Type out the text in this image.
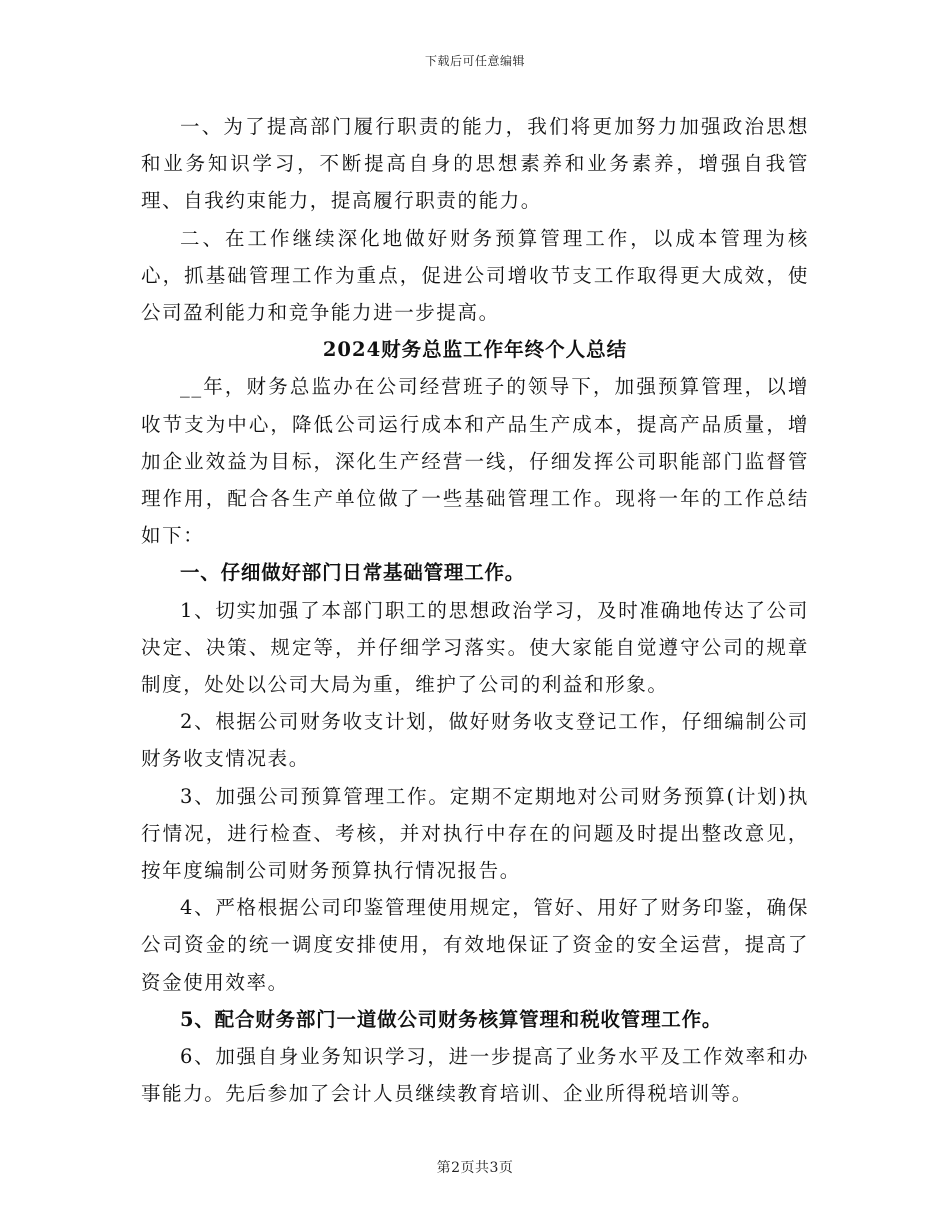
下载后可任意编辑

一、为了提高部门履行职责的能力，我们将更加努力加强政治思想和业务知识学习，不断提高自身的思想素养和业务素养，增强自我管理、自我约束能力，提高履行职责的能力。

二、在工作继续深化地做好财务预算管理工作，以成本管理为核心，抓基础管理工作为重点，促进公司增收节支工作取得更大成效，使公司盈利能力和竞争能力进一步提高。

2024财务总监工作年终个人总结

__年，财务总监办在公司经营班子的领导下，加强预算管理，以增收节支为中心，降低公司运行成本和产品生产成本，提高产品质量，增加企业效益为目标，深化生产经营一线，仔细发挥公司职能部门监督管理作用，配合各生产单位做了一些基础管理工作。现将一年的工作总结如下：

一、仔细做好部门日常基础管理工作。

1、切实加强了本部门职工的思想政治学习，及时准确地传达了公司决定、决策、规定等，并仔细学习落实。使大家能自觉遵守公司的规章制度，处处以公司大局为重，维护了公司的利益和形象。

2、根据公司财务收支计划，做好财务收支登记工作，仔细编制公司财务收支情况表。

3、加强公司预算管理工作。定期不定期地对公司财务预算(计划)执行情况，进行检查、考核，并对执行中存在的问题及时提出整改意见，按年度编制公司财务预算执行情况报告。

4、严格根据公司印鉴管理使用规定，管好、用好了财务印鉴，确保公司资金的统一调度安排使用，有效地保证了资金的安全运营，提高了资金使用效率。

5、配合财务部门一道做公司财务核算管理和税收管理工作。

6、加强自身业务知识学习，进一步提高了业务水平及工作效率和办事能力。先后参加了会计人员继续教育培训、企业所得税培训等。

第2页共3页
